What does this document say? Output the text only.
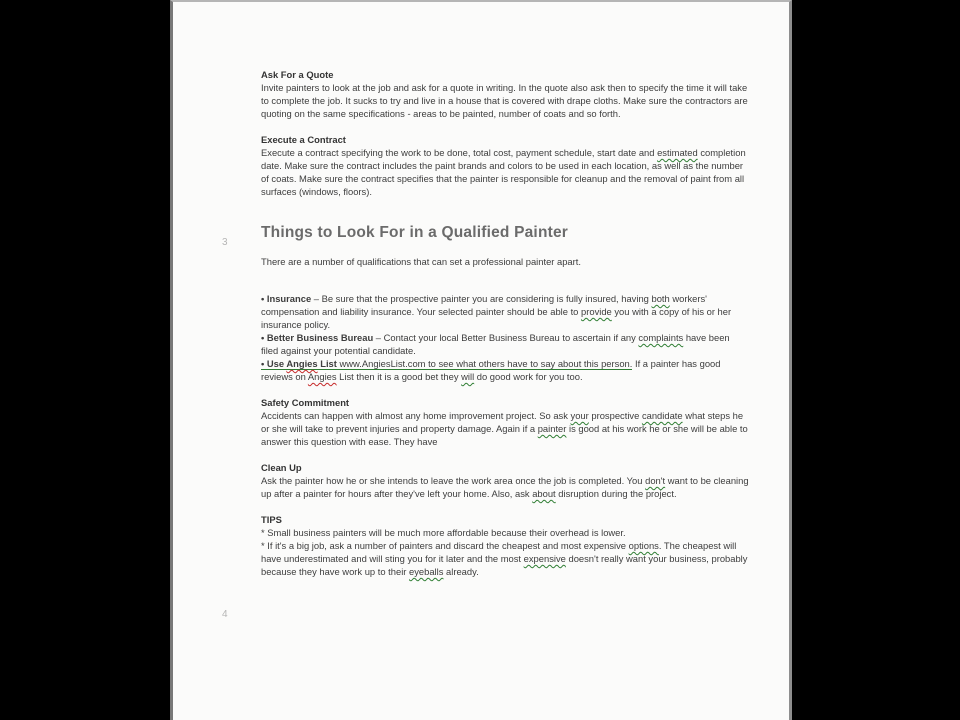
3
4
Ask For a Quote
Invite painters to look at the job and ask for a quote in writing. In the quote also ask then to specify the time it will take to complete the job. It sucks to try and live in a house that is covered with drape cloths. Make sure the contractors are quoting on the same specifications - areas to be painted, number of coats and so forth.
Execute a Contract
Execute a contract specifying the work to be done, total cost, payment schedule, start date and estimated completion date. Make sure the contract includes the paint brands and colors to be used in each location, as well as the number of coats. Make sure the contract specifies that the painter is responsible for cleanup and the removal of paint from all surfaces (windows, floors).
Things to Look For in a Qualified Painter
There are a number of qualifications that can set a professional painter apart.
• Insurance – Be sure that the prospective painter you are considering is fully insured, having both workers' compensation and liability insurance. Your selected painter should be able to provide you with a copy of his or her insurance policy.
• Better Business Bureau – Contact your local Better Business Bureau to ascertain if any complaints have been filed against your potential candidate.
• Use Angies List www.AngiesList.com to see what others have to say about this person. If a painter has good reviews on Angies List then it is a good bet they will do good work for you too.
Safety Commitment
Accidents can happen with almost any home improvement project. So ask your prospective candidate what steps he or she will take to prevent injuries and property damage. Again if a painter is good at his work he or she will be able to answer this question with ease. They have
Clean Up
Ask the painter how he or she intends to leave the work area once the job is completed. You don't want to be cleaning up after a painter for hours after they've left your home. Also, ask about disruption during the project.
TIPS
* Small business painters will be much more affordable because their overhead is lower.
* If it's a big job, ask a number of painters and discard the cheapest and most expensive options. The cheapest will have underestimated and will sting you for it later and the most expensive doesn't really want your business, probably because they have work up to their eyeballs already.
